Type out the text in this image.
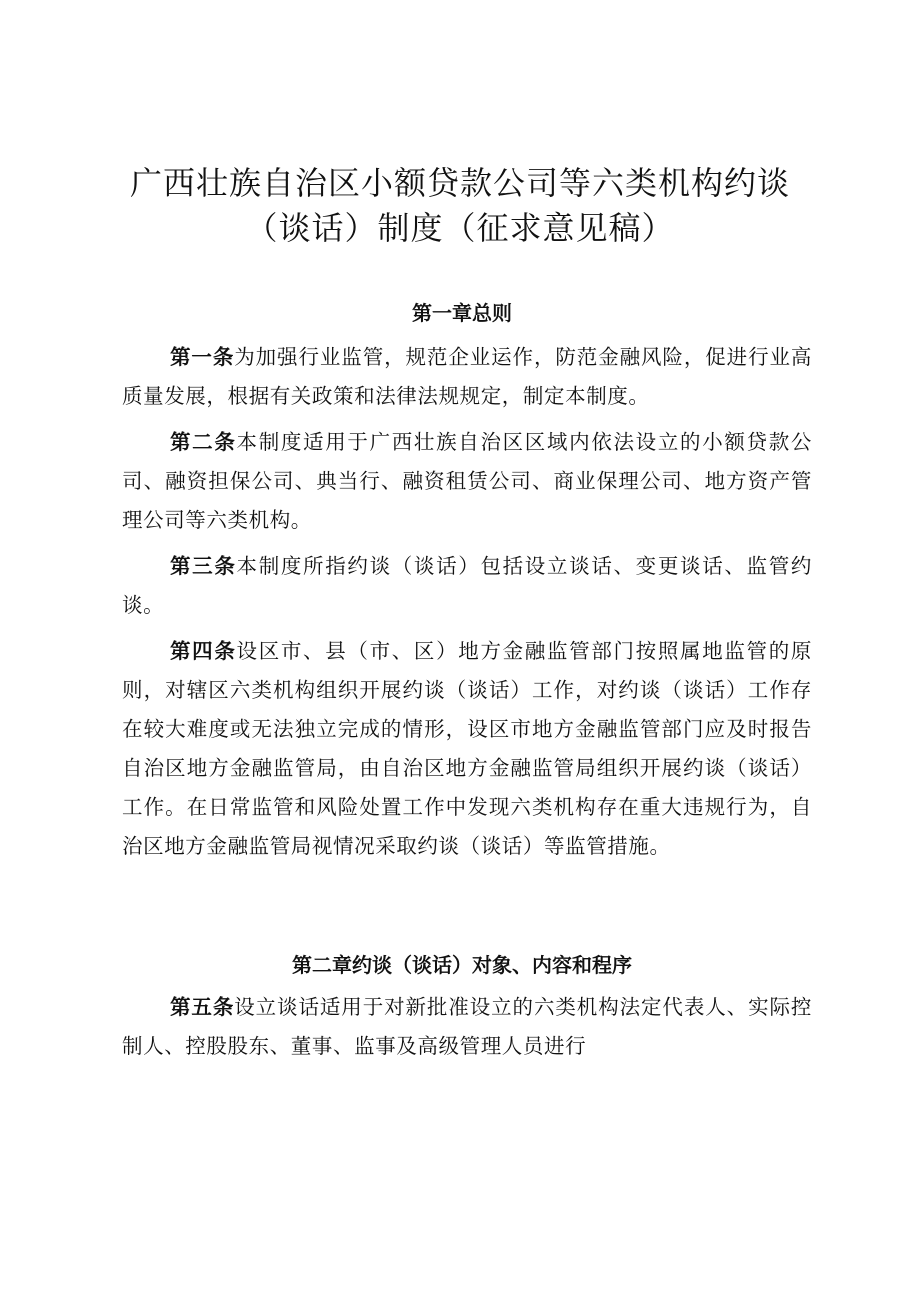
广西壮族自治区小额贷款公司等六类机构约谈
（谈话）制度（征求意见稿）
第一章总则

第一条为加强行业监管，规范企业运作，防范金融风险，促进行业高质量发展，根据有关政策和法律法规规定，制定本制度。

第二条本制度适用于广西壮族自治区区域内依法设立的小额贷款公司、融资担保公司、典当行、融资租赁公司、商业保理公司、地方资产管理公司等六类机构。

第三条本制度所指约谈（谈话）包括设立谈话、变更谈话、监管约谈。

第四条设区市、县（市、区）地方金融监管部门按照属地监管的原则，对辖区六类机构组织开展约谈（谈话）工作，对约谈（谈话）工作存在较大难度或无法独立完成的情形，设区市地方金融监管部门应及时报告自治区地方金融监管局，由自治区地方金融监管局组织开展约谈（谈话）工作。在日常监管和风险处置工作中发现六类机构存在重大违规行为，自治区地方金融监管局视情况采取约谈（谈话）等监管措施。

第二章约谈（谈话）对象、内容和程序

第五条设立谈话适用于对新批准设立的六类机构法定代表人、实际控制人、控股股东、董事、监事及高级管理人员进行
